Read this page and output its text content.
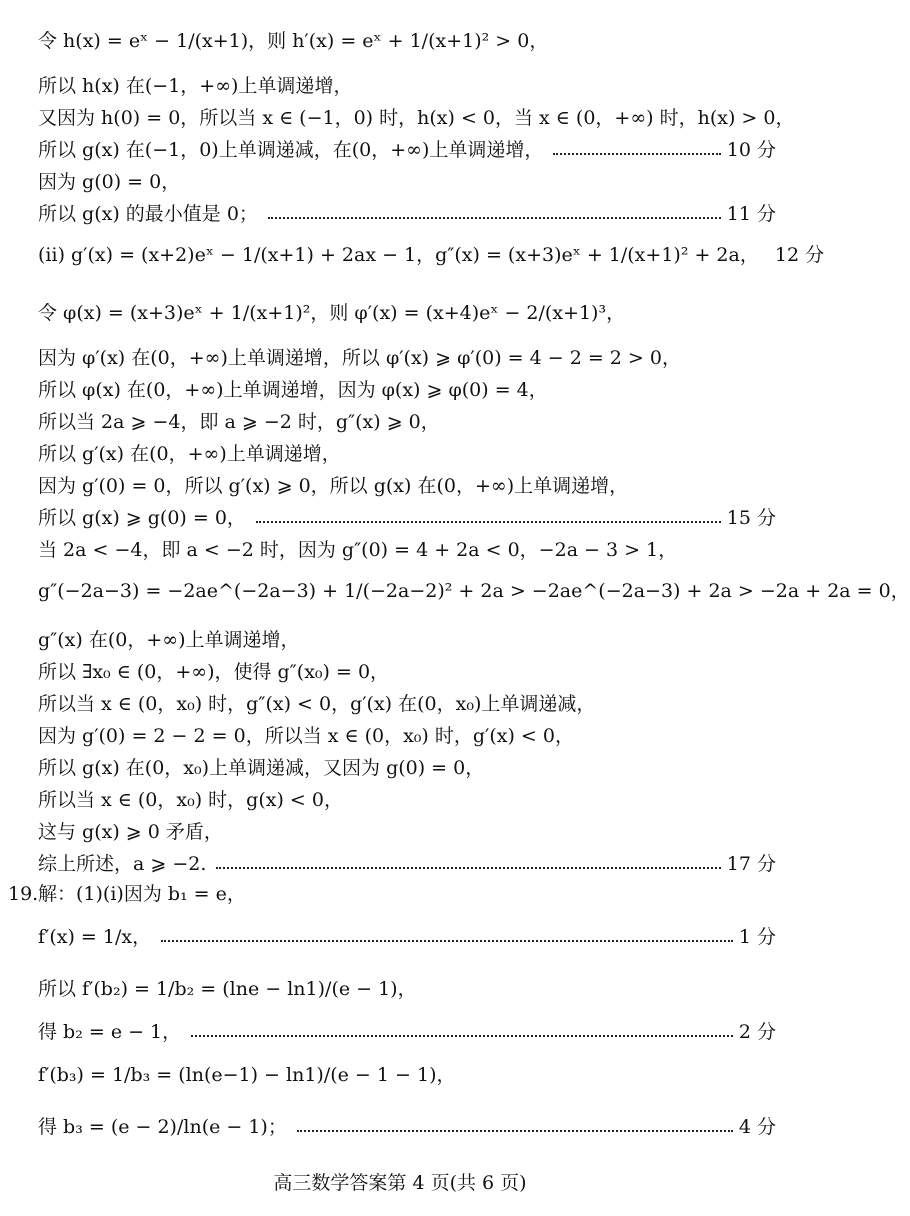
令 h(x) = eˣ − 1/(x+1)，则 h′(x) = eˣ + 1/(x+1)² > 0，
所以 h(x) 在(−1，+∞)上单调递增，
又因为 h(0) = 0，所以当 x ∈ (−1，0) 时，h(x) < 0，当 x ∈ (0，+∞) 时，h(x) > 0，
所以 g(x) 在(−1，0)上单调递减，在(0，+∞)上单调递增，	10 分
因为 g(0) = 0，
所以 g(x) 的最小值是 0；	11 分
(ⅱ) g′(x) = (x+2)eˣ − 1/(x+1) + 2ax − 1，g″(x) = (x+3)eˣ + 1/(x+1)² + 2a， 12 分
令 φ(x) = (x+3)eˣ + 1/(x+1)²，则 φ′(x) = (x+4)eˣ − 2/(x+1)³，
因为 φ′(x) 在(0，+∞)上单调递增，所以 φ′(x) ⩾ φ′(0) = 4 − 2 = 2 > 0，
所以 φ(x) 在(0，+∞)上单调递增，因为 φ(x) ⩾ φ(0) = 4，
所以当 2a ⩾ −4，即 a ⩾ −2 时，g″(x) ⩾ 0，
所以 g′(x) 在(0，+∞)上单调递增，
因为 g′(0) = 0，所以 g′(x) ⩾ 0，所以 g(x) 在(0，+∞)上单调递增，
所以 g(x) ⩾ g(0) = 0，	15 分
当 2a < −4，即 a < −2 时，因为 g″(0) = 4 + 2a < 0，−2a − 3 > 1，
g″(−2a−3) = −2ae^(−2a−3) + 1/(−2a−2)² + 2a > −2ae^(−2a−3) + 2a > −2a + 2a = 0，
g″(x) 在(0，+∞)上单调递增，
所以 ∃x₀ ∈ (0，+∞)，使得 g″(x₀) = 0，
所以当 x ∈ (0，x₀) 时，g″(x) < 0，g′(x) 在(0，x₀)上单调递减，
因为 g′(0) = 2 − 2 = 0，所以当 x ∈ (0，x₀) 时，g′(x) < 0，
所以 g(x) 在(0，x₀)上单调递减，又因为 g(0) = 0，
所以当 x ∈ (0，x₀) 时，g(x) < 0，
这与 g(x) ⩾ 0 矛盾，
综上所述，a ⩾ −2.	17 分
19. 解：(1)(ⅰ)因为 b₁ = e，
f′(x) = 1/x，	1 分
所以 f′(b₂) = 1/b₂ = (lne − ln1)/(e − 1)，
得 b₂ = e − 1，	2 分
f′(b₃) = 1/b₃ = (ln(e−1) − ln1)/(e − 1 − 1)，
得 b₃ = (e − 2)/ln(e − 1)；	4 分
高三数学答案第 4 页(共 6 页)
